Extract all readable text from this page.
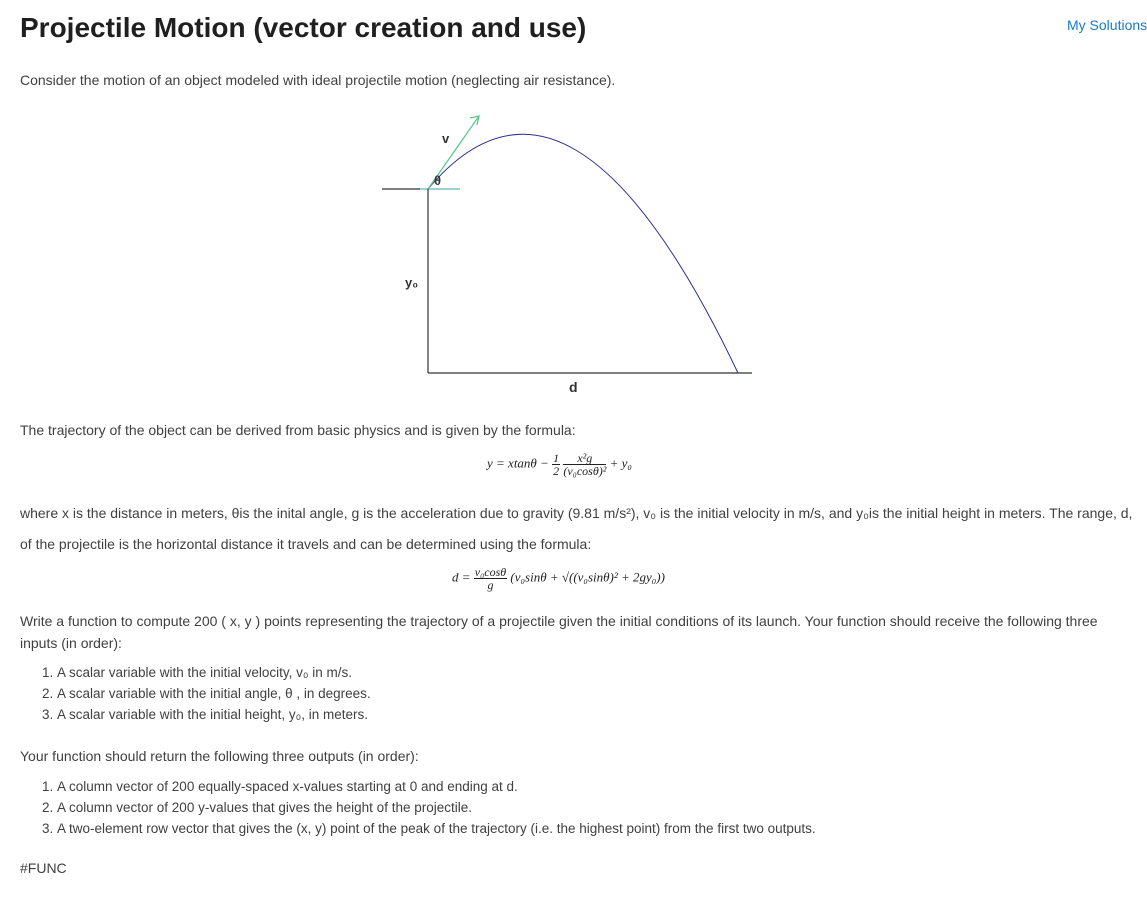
Projectile Motion (vector creation and use)	My Solutions

Consider the motion of an object modeled with ideal projectile motion (neglecting air resistance).

v
θ
y₀
d

The trajectory of the object can be derived from basic physics and is given by the formula:

$y = xtan\theta - \frac{1}{2}$
$\frac{\text{x²g}}{\text{(v₀cosθ)²}} + y_0$

where x is the distance in meters, θis the inital angle, g is the acceleration due to gravity (9.81 m/s²), v₀ is the initial velocity in m/s, and y₀is the initial height in meters. The range, d,

of the projectile is the horizontal distance it travels and can be determined using the formula:

$d = \frac{\text{v₀cosθ}}{g} (v_0\sin\theta + √((v_0\sin\theta)^2 + 2gy_0))$

Write a function to compute 200 ( x, y ) points representing the trajectory of a projectile given the initial conditions of its launch. Your function should receive the following three inputs (in order):

1. A scalar variable with the initial velocity, v₀ in m/s.
2. A scalar variable with the initial angle, θ , in degrees.
3. A scalar variable with the initial height, y₀, in meters.

Your function should return the following three outputs (in order):

1. A column vector of 200 equally-spaced x-values starting at 0 and ending at d.
2. A column vector of 200 y-values that gives the height of the projectile.
3. A two-element row vector that gives the (x, y) point of the peak of the trajectory (i.e. the highest point) from the first two outputs.

#FUNC
